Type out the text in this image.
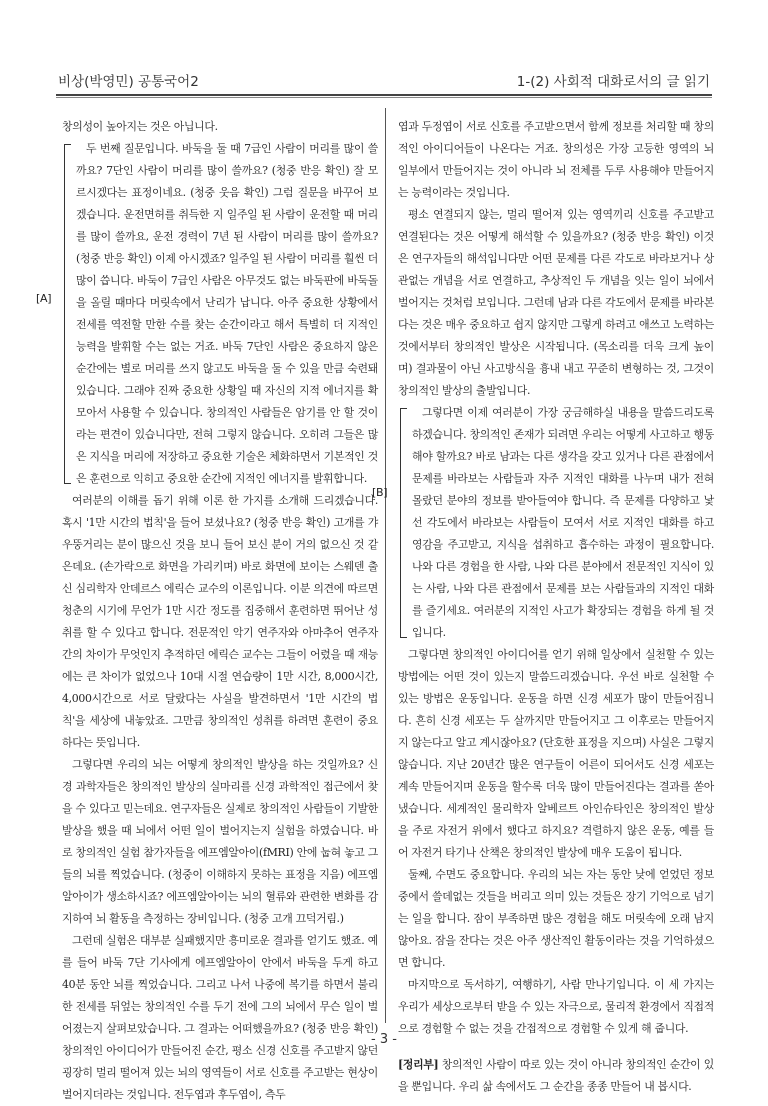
비상(박영민) 공통국어2	1-(2) 사회적 대화로서의 글 읽기

창의성이 높아지는 것은 아닙니다.

[A]

두 번째 질문입니다. 바둑을 둘 때 7급인 사람이 머리를 많이 쓸까요? 7단인 사람이 머리를 많이 쓸까요? (청중 반응 확인) 잘 모르시겠다는 표정이네요. (청중 웃음 확인) 그럼 질문을 바꾸어 보겠습니다. 운전면허를 취득한 지 일주일 된 사람이 운전할 때 머리를 많이 쓸까요, 운전 경력이 7년 된 사람이 머리를 많이 쓸까요? (청중 반응 확인) 이제 아시겠죠? 일주일 된 사람이 머리를 훨씬 더 많이 씁니다. 바둑이 7급인 사람은 아무것도 없는 바둑판에 바둑돌을 올릴 때마다 머릿속에서 난리가 납니다. 아주 중요한 상황에서 전세를 역전할 만한 수를 찾는 순간이라고 해서 특별히 더 지적인 능력을 발휘할 수는 없는 거죠. 바둑 7단인 사람은 중요하지 않은 순간에는 별로 머리를 쓰지 않고도 바둑을 둘 수 있을 만큼 숙련돼 있습니다. 그래야 진짜 중요한 상황일 때 자신의 지적 에너지를 확 모아서 사용할 수 있습니다. 창의적인 사람들은 암기를 안 할 것이라는 편견이 있습니다만, 전혀 그렇지 않습니다. 오히려 그들은 많은 지식을 머리에 저장하고 중요한 기술은 체화하면서 기본적인 것은 훈련으로 익히고 중요한 순간에 지적인 에너지를 발휘합니다.

여러분의 이해를 돕기 위해 이론 한 가지를 소개해 드리겠습니다. 혹시 '1만 시간의 법칙'을 들어 보셨나요? (청중 반응 확인) 고개를 갸우뚱거리는 분이 많으신 것을 보니 들어 보신 분이 거의 없으신 것 같은데요. (손가락으로 화면을 가리키며) 바로 화면에 보이는 스웨덴 출신 심리학자 안데르스 에릭슨 교수의 이론입니다. 이분 의견에 따르면 청춘의 시기에 무언가 1만 시간 정도를 집중해서 훈련하면 뛰어난 성취를 할 수 있다고 합니다. 전문적인 악기 연주자와 아마추어 연주자 간의 차이가 무엇인지 추적하던 에릭슨 교수는 그들이 어렸을 때 재능에는 큰 차이가 없었으나 10대 시절 연습량이 1만 시간, 8,000시간, 4,000시간으로 서로 달랐다는 사실을 발견하면서 '1만 시간의 법칙'을 세상에 내놓았죠. 그만큼 창의적인 성취를 하려면 훈련이 중요하다는 뜻입니다.

그렇다면 우리의 뇌는 어떻게 창의적인 발상을 하는 것일까요? 신경 과학자들은 창의적인 발상의 실마리를 신경 과학적인 접근에서 찾을 수 있다고 믿는데요. 연구자들은 실제로 창의적인 사람들이 기발한 발상을 했을 때 뇌에서 어떤 일이 벌어지는지 실험을 하였습니다. 바로 창의적인 실험 참가자들을 에프엠알아이(fMRI) 안에 눕혀 놓고 그들의 뇌를 찍었습니다. (청중이 이해하지 못하는 표정을 지음) 에프엠알아이가 생소하시죠? 에프엠알아이는 뇌의 혈류와 관련한 변화를 감지하여 뇌 활동을 측정하는 장비입니다. (청중 고개 끄덕거림.)

그런데 실험은 대부분 실패했지만 흥미로운 결과를 얻기도 했죠. 예를 들어 바둑 7단 기사에게 에프엠알아이 안에서 바둑을 두게 하고 40분 동안 뇌를 찍었습니다. 그리고 나서 나중에 복기를 하면서 불리한 전세를 뒤엎는 창의적인 수를 두기 전에 그의 뇌에서 무슨 일이 벌어졌는지 살펴보았습니다. 그 결과는 어떠했을까요? (청중 반응 확인) 창의적인 아이디어가 만들어진 순간, 평소 신경 신호를 주고받지 않던 굉장히 멀리 떨어져 있는 뇌의 영역들이 서로 신호를 주고받는 현상이 벌어지더라는 것입니다. 전두엽과 후두엽이, 측두

엽과 두정엽이 서로 신호를 주고받으면서 함께 정보를 처리할 때 창의적인 아이디어들이 나온다는 거죠. 창의성은 가장 고등한 영역의 뇌 일부에서 만들어지는 것이 아니라 뇌 전체를 두루 사용해야 만들어지는 능력이라는 것입니다.

평소 연결되지 않는, 멀리 떨어져 있는 영역끼리 신호를 주고받고 연결된다는 것은 어떻게 해석할 수 있을까요? (청중 반응 확인) 이것은 연구자들의 해석입니다만 어떤 문제를 다른 각도로 바라보거나 상관없는 개념을 서로 연결하고, 추상적인 두 개념을 잇는 일이 뇌에서 벌어지는 것처럼 보입니다. 그런데 남과 다른 각도에서 문제를 바라본다는 것은 매우 중요하고 쉽지 않지만 그렇게 하려고 애쓰고 노력하는 것에서부터 창의적인 발상은 시작됩니다. (목소리를 더욱 크게 높이며) 결과물이 아닌 사고방식을 흉내 내고 꾸준히 변형하는 것, 그것이 창의적인 발상의 출발입니다.

[B]

그렇다면 이제 여러분이 가장 궁금해하실 내용을 말씀드리도록 하겠습니다. 창의적인 존재가 되려면 우리는 어떻게 사고하고 행동해야 할까요? 바로 남과는 다른 생각을 갖고 있거나 다른 관점에서 문제를 바라보는 사람들과 자주 지적인 대화를 나누며 내가 전혀 몰랐던 분야의 정보를 받아들여야 합니다. 즉 문제를 다양하고 낯선 각도에서 바라보는 사람들이 모여서 서로 지적인 대화를 하고 영감을 주고받고, 지식을 섭취하고 흡수하는 과정이 필요합니다. 나와 다른 경험을 한 사람, 나와 다른 분야에서 전문적인 지식이 있는 사람, 나와 다른 관점에서 문제를 보는 사람들과의 지적인 대화를 즐기세요. 여러분의 지적인 사고가 확장되는 경험을 하게 될 것입니다.

그렇다면 창의적인 아이디어를 얻기 위해 일상에서 실천할 수 있는 방법에는 어떤 것이 있는지 말씀드리겠습니다. 우선 바로 실천할 수 있는 방법은 운동입니다. 운동을 하면 신경 세포가 많이 만들어집니다. 흔히 신경 세포는 두 살까지만 만들어지고 그 이후로는 만들어지지 않는다고 알고 계시잖아요? (단호한 표정을 지으며) 사실은 그렇지 않습니다. 지난 20년간 많은 연구들이 어른이 되어서도 신경 세포는 계속 만들어지며 운동을 할수록 더욱 많이 만들어진다는 결과를 쏟아 냈습니다. 세계적인 물리학자 알베르트 아인슈타인은 창의적인 발상을 주로 자전거 위에서 했다고 하지요? 격렬하지 않은 운동, 예를 들어 자전거 타기나 산책은 창의적인 발상에 매우 도움이 됩니다.

둘째, 수면도 중요합니다. 우리의 뇌는 자는 동안 낮에 얻었던 정보 중에서 쓸데없는 것들을 버리고 의미 있는 것들은 장기 기억으로 넘기는 일을 합니다. 잠이 부족하면 많은 경험을 해도 머릿속에 오래 남지 않아요. 잠을 잔다는 것은 아주 생산적인 활동이라는 것을 기억하셨으면 합니다.

마지막으로 독서하기, 여행하기, 사람 만나기입니다. 이 세 가지는 우리가 세상으로부터 받을 수 있는 자극으로, 물리적 환경에서 직접적으로 경험할 수 없는 것을 간접적으로 경험할 수 있게 해 줍니다.

[정리부] 창의적인 사람이 따로 있는 것이 아니라 창의적인 순간이 있을 뿐입니다. 우리 삶 속에서도 그 순간을 종종 만들어 내 봅시다.

- 3 -
